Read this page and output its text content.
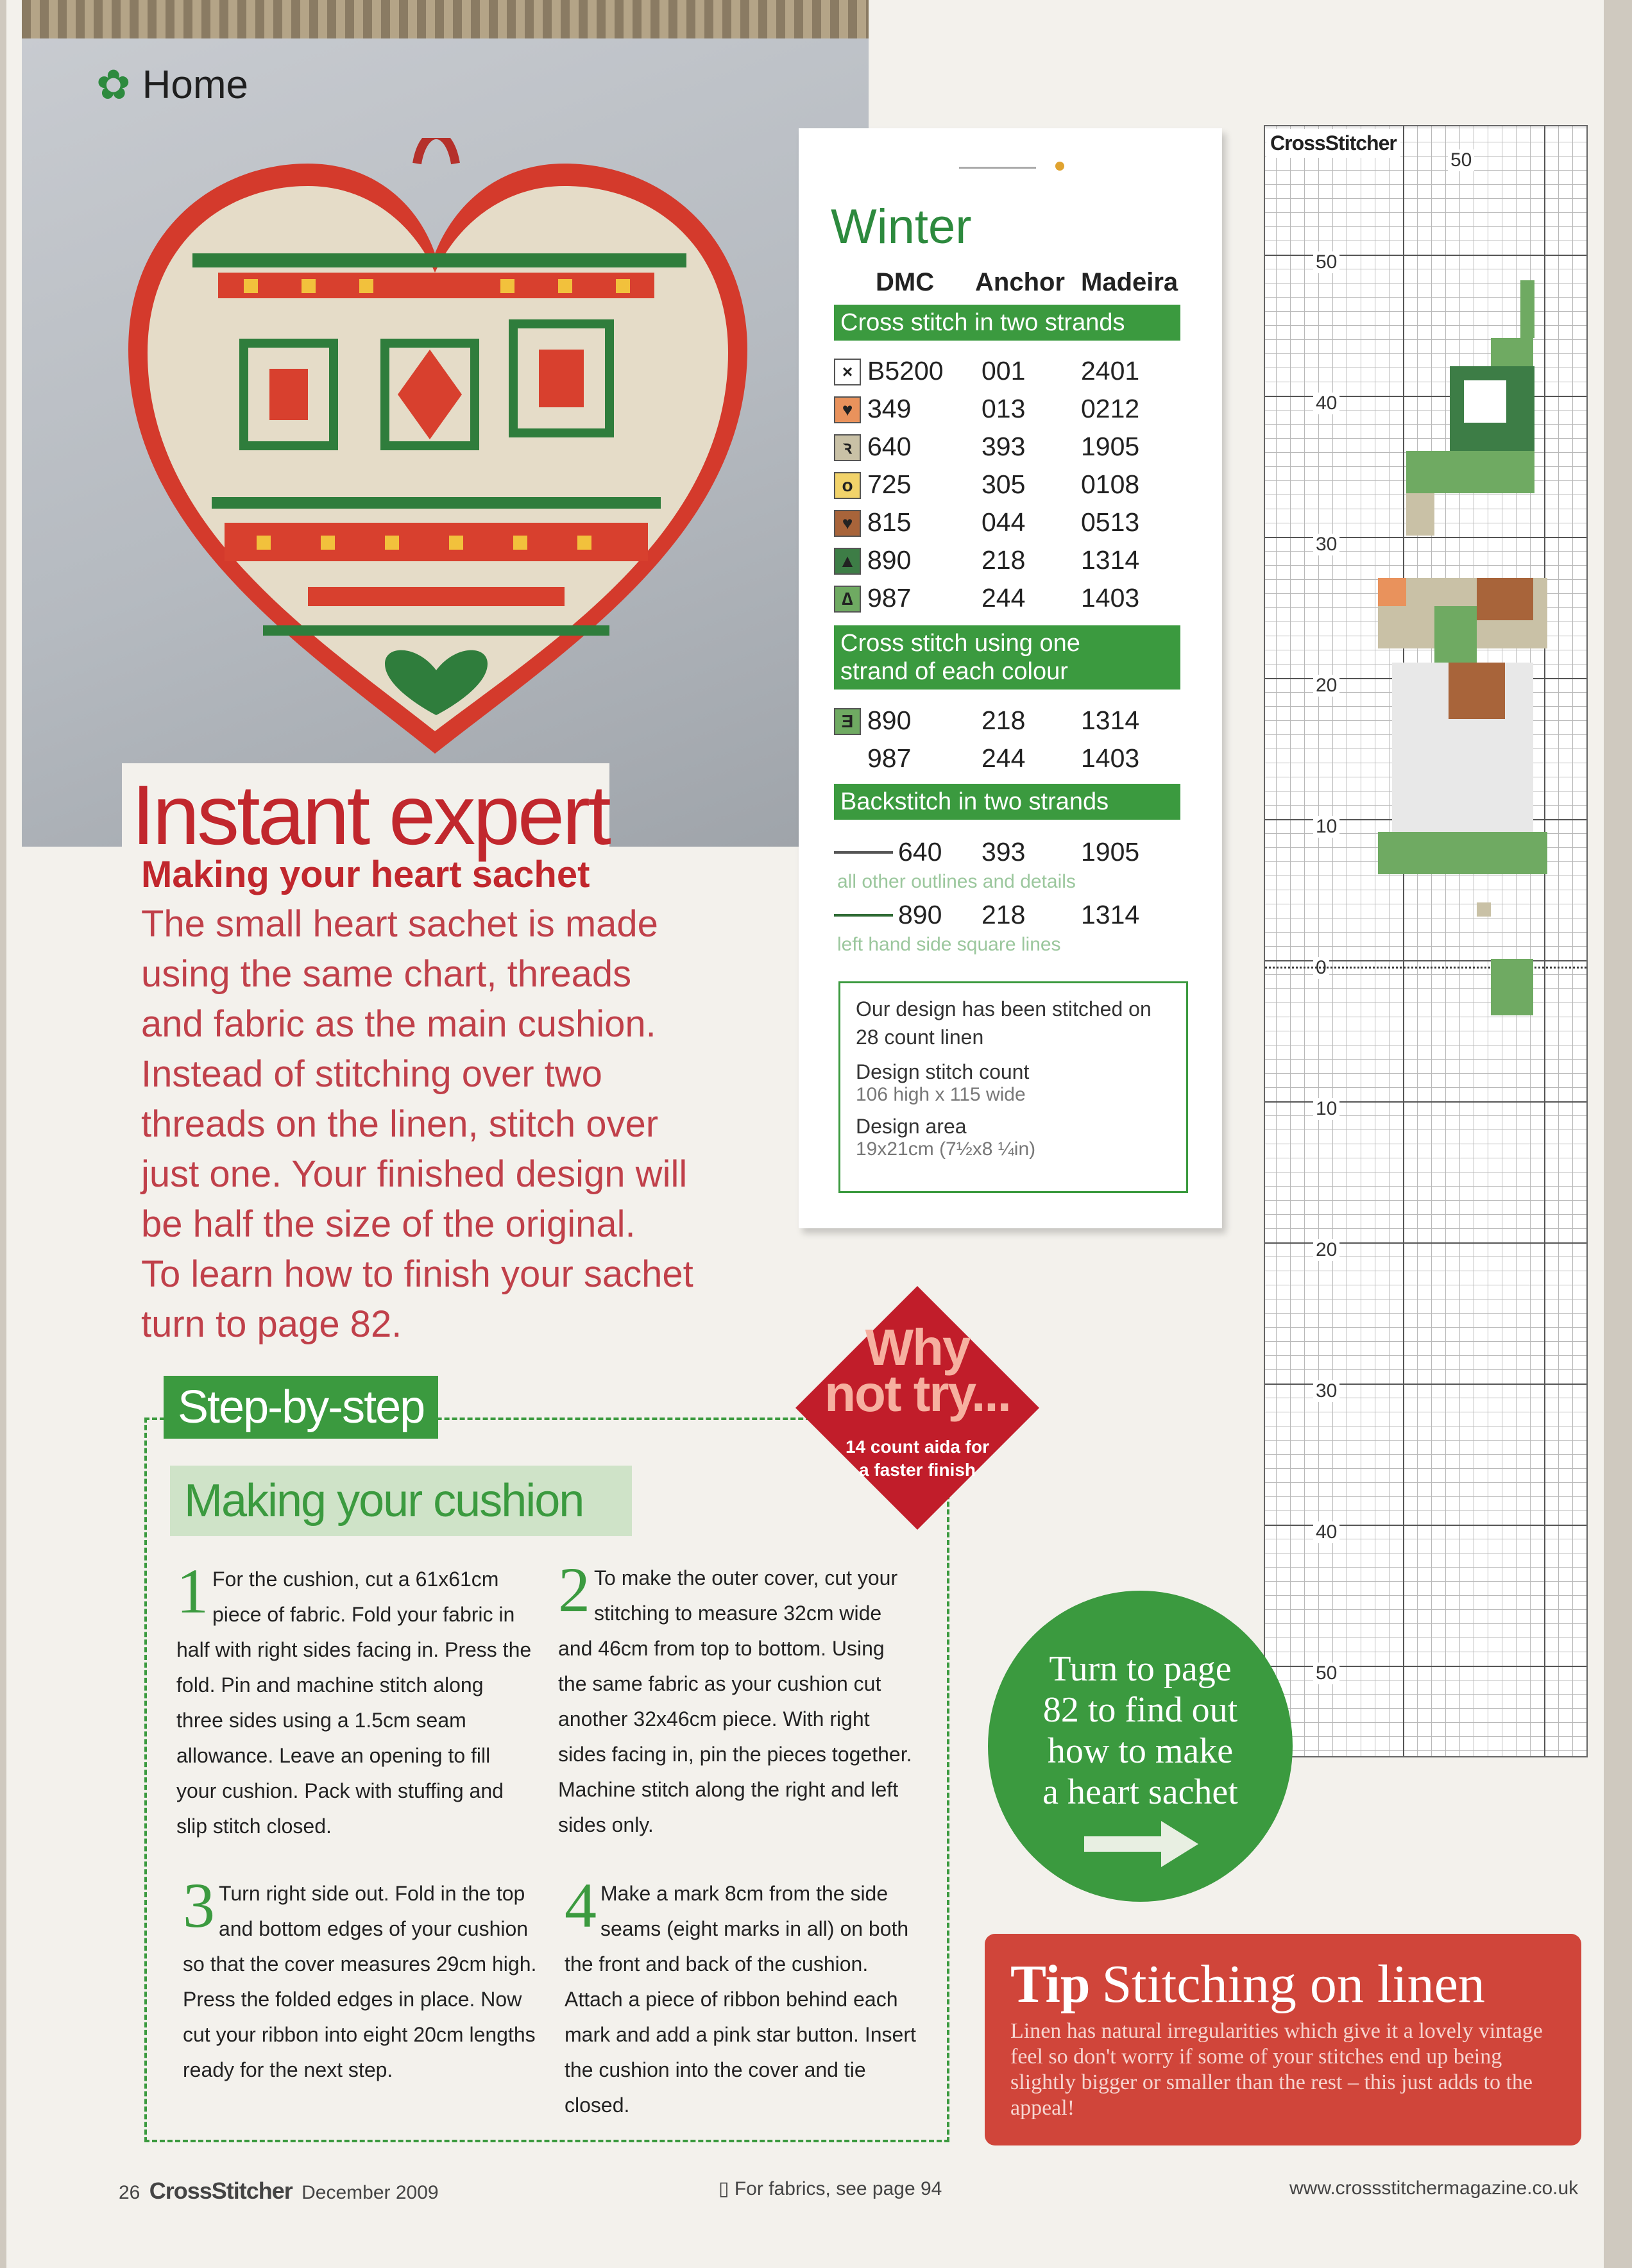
✿ Home
Instant expert
Making your heart sachet

The small heart sachet is made

using the same chart, threads

and fabric as the main cushion.

Instead of stitching over two

threads on the linen, stitch over

just one. Your finished design will

be half the size of the original.

To learn how to finish your sachet

turn to page 82.

Winter
DMC	Anchor Madeira
Cross stitch in two strands
Cross stitch using one
strand of each colour
Backstitch in two strands
Our design has been stitched on
28 count linen
Design stitch count
106 high x 115 wide
Design area
19x21cm (7½x8 ¼in)
× B5200 001 2401
♥ 349	013 0212
ꝛ 640	393 1905
o 725	305 0108
♥ 815	044 0513
▲ 890	218 1314
∆ 987	244 1403
Ǝ 890	218 1314
987	244 1403
640 393 1905
all other outlines and details
890 218 1314
left hand side square lines
CrossStitcher
50
50
40
30
20
10
0
10
20
30
40
50
Step-by-step
Making your cushion
1 For the cushion, cut a 61x61cm piece of fabric. Fold your fabric in half with right sides facing in. Press the fold. Pin and machine stitch along three sides using a 1.5cm seam allowance. Leave an opening to fill your cushion. Pack with stuffing and slip stitch closed.
2 To make the outer cover, cut your stitching to measure 32cm wide and 46cm from top to bottom. Using the same fabric as your cushion cut another 32x46cm piece. With right sides facing in, pin the pieces together. Machine stitch along the right and left sides only.
3 Turn right side out. Fold in the top and bottom edges of your cushion so that the cover measures 29cm high. Press the folded edges in place. Now cut your ribbon into eight 20cm lengths ready for the next step.
4 Make a mark 8cm from the side seams (eight marks in all) on both the front and back of the cushion. Attach a piece of ribbon behind each mark and add a pink star button. Insert the cushion into the cover and tie closed.
Why
not try...
14 count aida for
a faster finish
Turn to page
82 to find out
how to make
a heart sachet
Tip Stitching on linen
Linen has natural irregularities which give it a lovely vintage feel so don't worry if some of your stitches end up being slightly bigger or smaller than the rest – this just adds to the appeal!
26 CrossStitcher December 2009	▯ For fabrics, see page 94	www.crossstitchermagazine.co.uk
